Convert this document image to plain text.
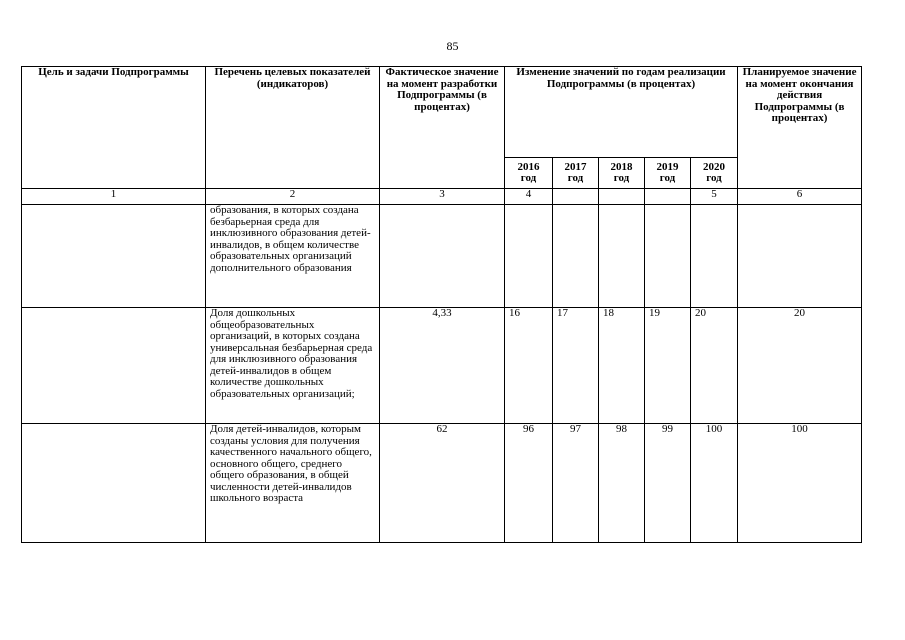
85
Цель и задачи Подпрограммы	Перечень целевых показателей (индикаторов)	Фактическое значение на момент разработки Подпрограммы (в процентах)	Изменение значений по годам реализации Подпрограммы (в процентах)					Планируемое значение на момент окончания действия Подпрограммы (в процентах)
			2016 год	2017 год	2018 год	2019 год	2020 год	
1	2	3	4				5	6
	образования, в которых создана безбарьерная среда для инклюзивного образования детей-инвалидов, в общем количестве образовательных организаций дополнительного образования							
	Доля дошкольных общеобразовательных организаций, в которых создана универсальная безбарьерная среда для инклюзивного образования детей-инвалидов в общем количестве дошкольных образовательных организаций;	4,33	16	17	18	19	20	20
	Доля детей-инвалидов, которым созданы условия для получения качественного начального общего, основного общего, среднего общего образования, в общей численности детей-инвалидов школьного возраста	62	96	97	98	99	100	100
